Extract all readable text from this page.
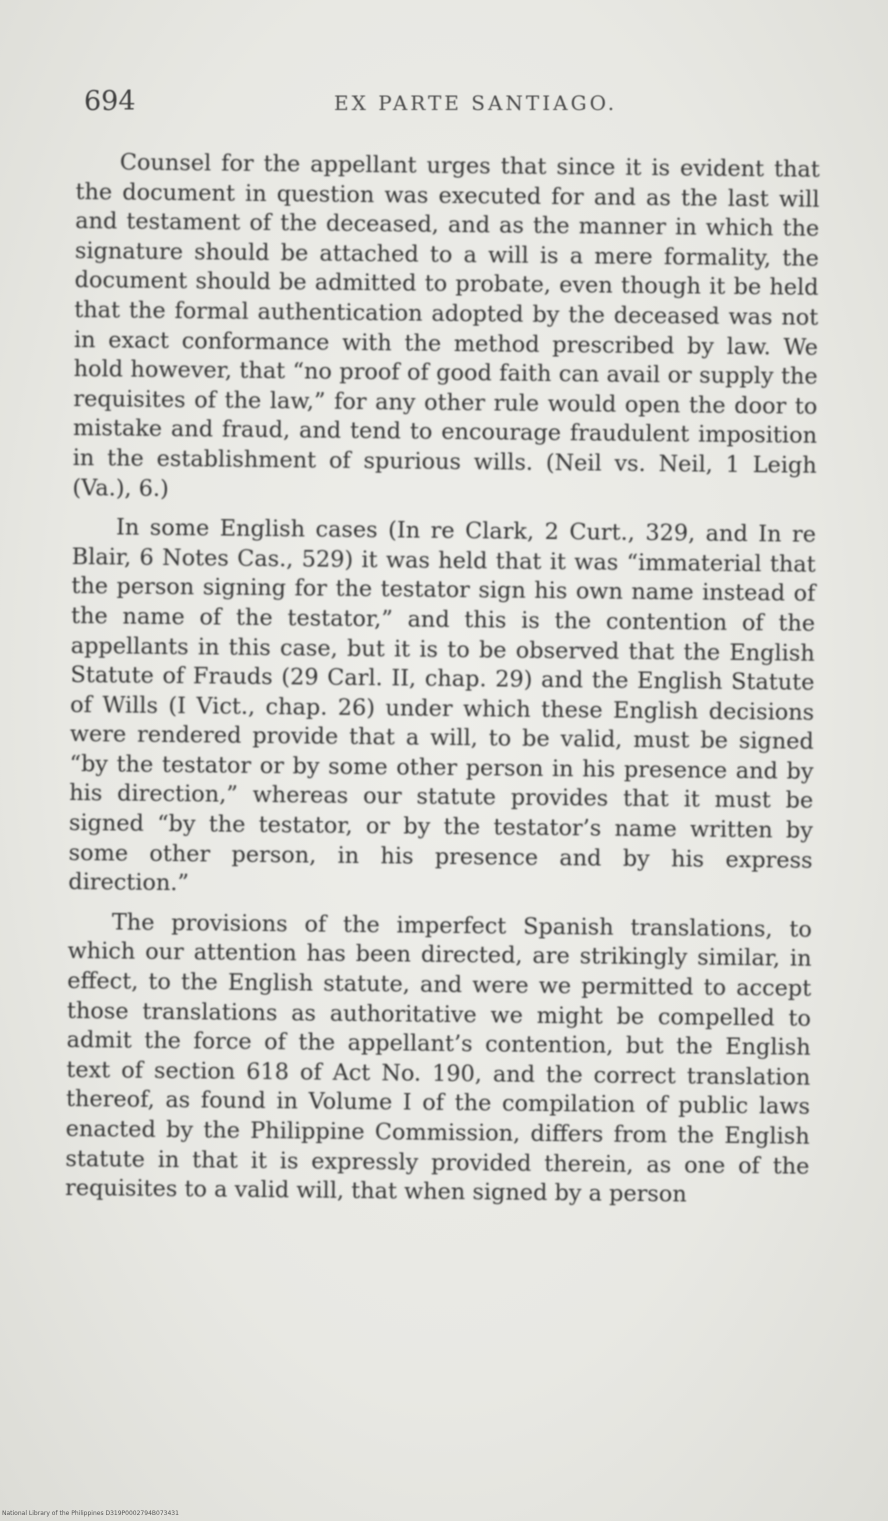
694	EX PARTE SANTIAGO.

Counsel for the appellant urges that since it is evident that the document in question was executed for and as the last will and testament of the deceased, and as the manner in which the signature should be attached to a will is a mere formality, the document should be admitted to probate, even though it be held that the formal authentication adopted by the deceased was not in exact conformance with the method prescribed by law. We hold however, that “no proof of good faith can avail or supply the requisites of the law,” for any other rule would open the door to mistake and fraud, and tend to encourage fraudulent imposition in the establishment of spurious wills. (Neil vs. Neil, 1 Leigh (Va.), 6.)

In some English cases (In re Clark, 2 Curt., 329, and In re Blair, 6 Notes Cas., 529) it was held that it was “immaterial that the person signing for the testator sign his own name instead of the name of the testator,” and this is the contention of the appellants in this case, but it is to be observed that the English Statute of Frauds (29 Carl. II, chap. 29) and the English Statute of Wills (I Vict., chap. 26) under which these English decisions were rendered provide that a will, to be valid, must be signed “by the testator or by some other person in his presence and by his direction,” whereas our statute provides that it must be signed “by the testator, or by the testator’s name written by some other person, in his presence and by his express direction.”

The provisions of the imperfect Spanish translations, to which our attention has been directed, are strikingly similar, in effect, to the English statute, and were we permitted to accept those translations as authoritative we might be compelled to admit the force of the appellant’s contention, but the English text of section 618 of Act No. 190, and the correct translation thereof, as found in Volume I of the compilation of public laws enacted by the Philippine Commission, differs from the English statute in that it is expressly provided therein, as one of the requisites to a valid will, that when signed by a person

National Library of the Philippines D319P0002794B073431
